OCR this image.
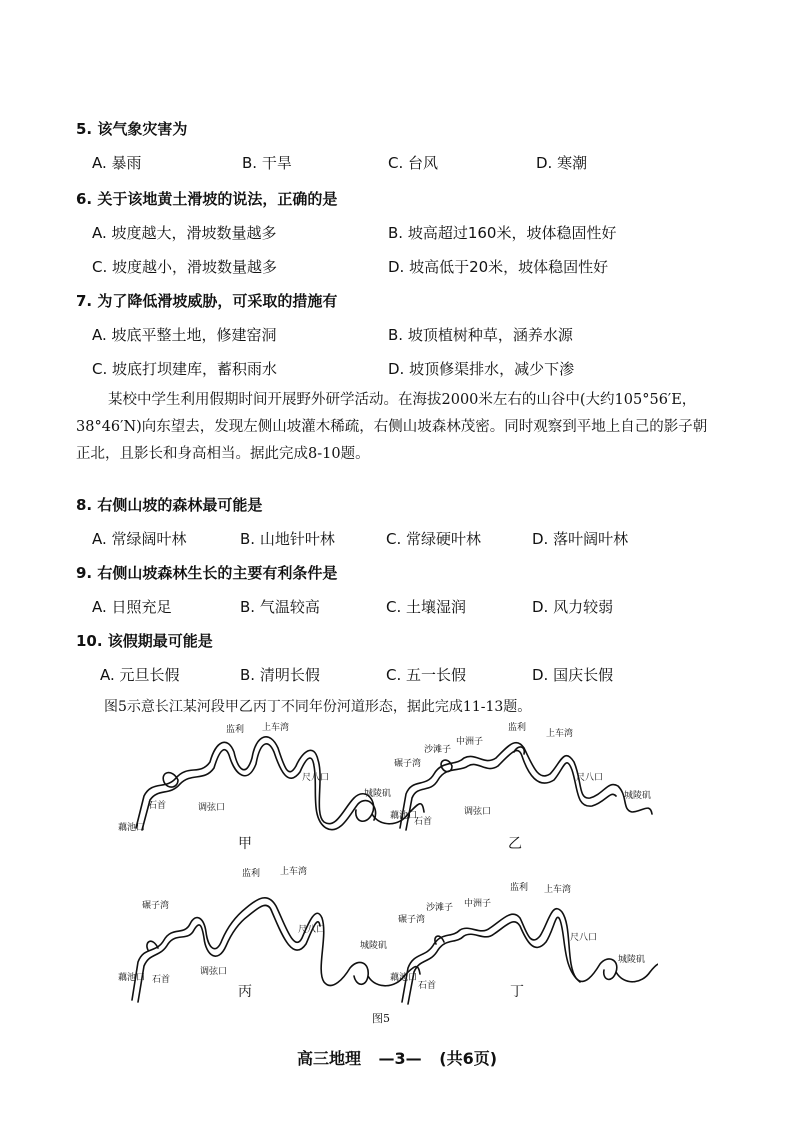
5. 该气象灾害为
A. 暴雨	B. 干旱	C. 台风	D. 寒潮
6. 关于该地黄土滑坡的说法，正确的是
A. 坡度越大，滑坡数量越多	B. 坡高超过160米，坡体稳固性好
C. 坡度越小，滑坡数量越多	D. 坡高低于20米，坡体稳固性好
7. 为了降低滑坡威胁，可采取的措施有
A. 坡底平整土地，修建窑洞	B. 坡顶植树种草，涵养水源
C. 坡底打坝建库，蓄积雨水	D. 坡顶修渠排水，减少下渗
某校中学生利用假期时间开展野外研学活动。在海拔2000米左右的山谷中(大约105°56′E，38°46′N)向东望去，发现左侧山坡灌木稀疏，右侧山坡森林茂密。同时观察到平地上自己的影子朝正北，且影长和身高相当。据此完成8-10题。
8. 右侧山坡的森林最可能是
A. 常绿阔叶林	B. 山地针叶林	C. 常绿硬叶林	D. 落叶阔叶林
9. 右侧山坡森林生长的主要有利条件是
A. 日照充足	B. 气温较高	C. 土壤湿润	D. 风力较弱
10. 该假期最可能是
A. 元旦长假	B. 清明长假	C. 五一长假	D. 国庆长假
图5示意长江某河段甲乙丙丁不同年份河道形态，据此完成11-13题。
监利 上车湾
尺八口
城陵矶
藕池口
石首	调弦口
甲
碾子湾
沙滩子
中洲子
监利
上车湾
尺八口
城陵矶
藕池口
石首
调弦口
乙
监利 上车湾
尺八口
城陵矶
碾子湾
藕池口 石首
调弦口
丙
碾子湾
沙滩子 中洲子
监利 上车湾
尺八口
城陵矶
藕池口
石首	丁
图5
高三地理 —3— (共6页)
